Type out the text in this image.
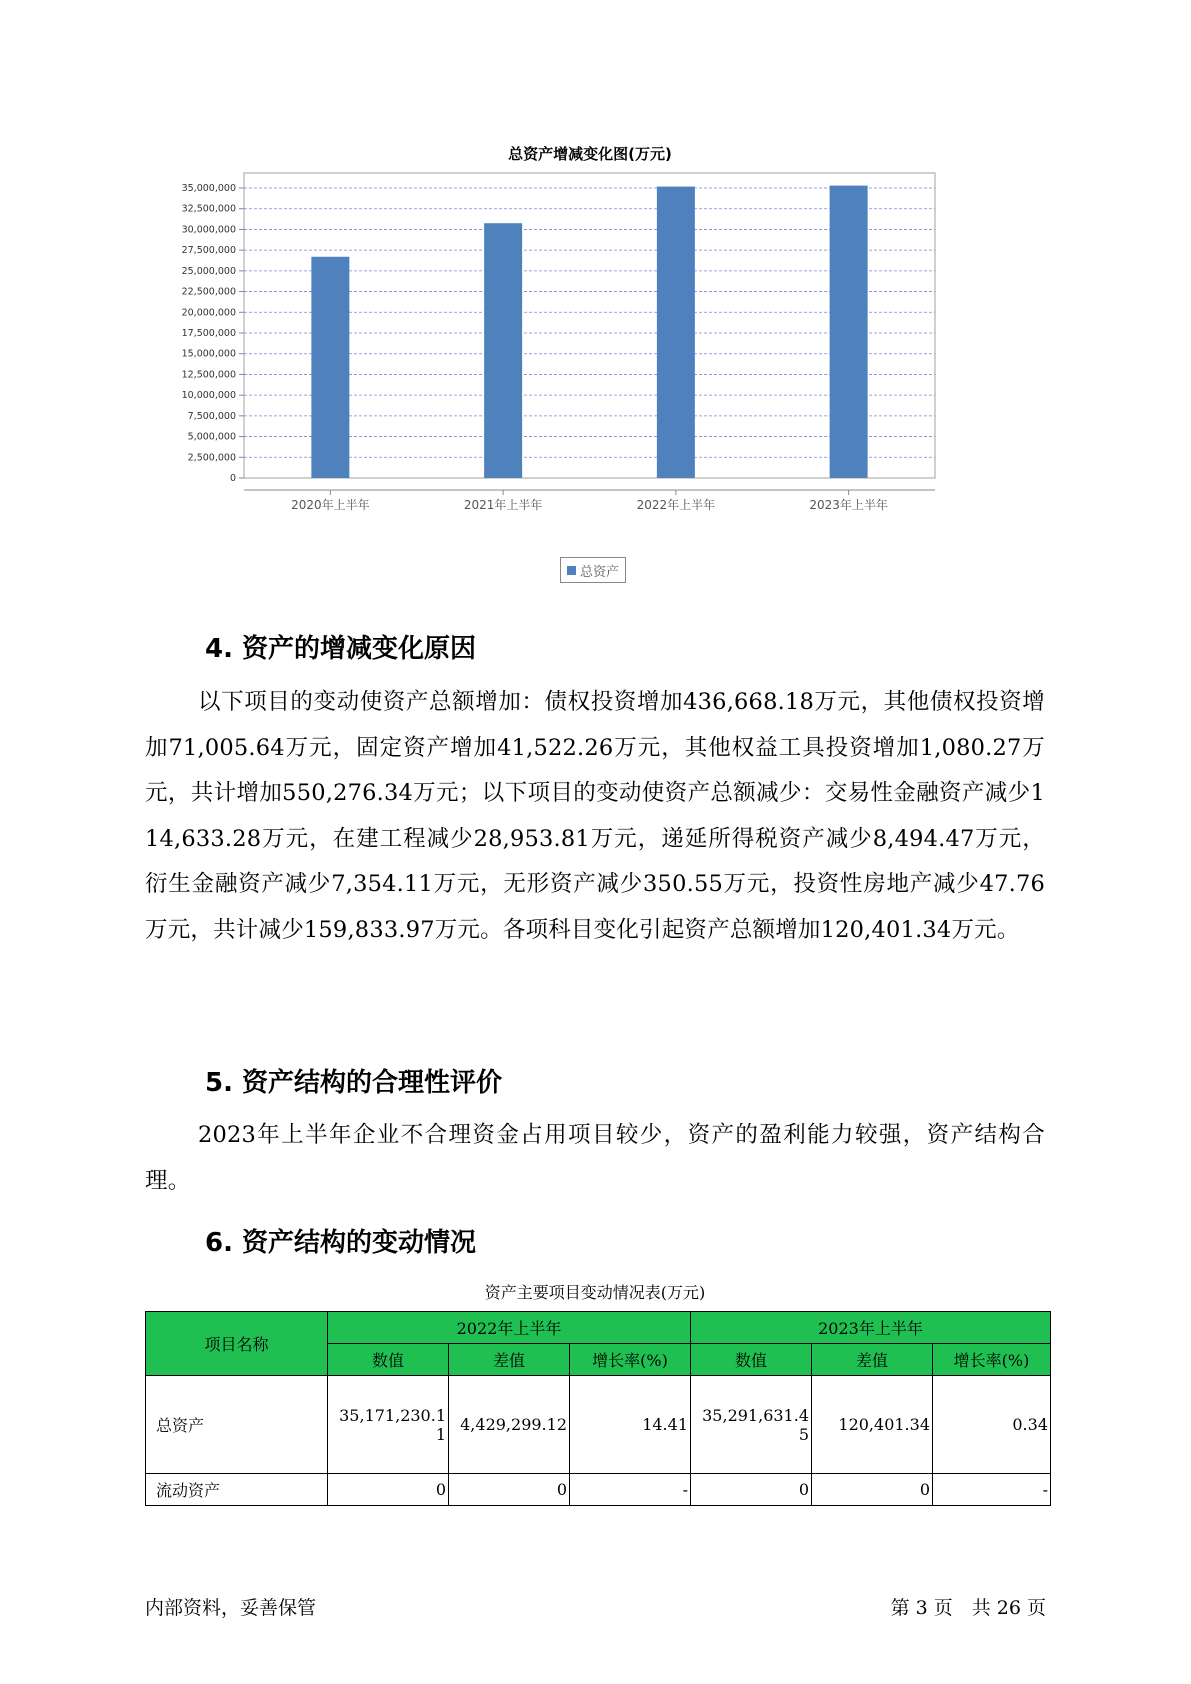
0
2,500,000
5,000,000
7,500,000
10,000,000
12,500,000
15,000,000
17,500,000
20,000,000
22,500,000
25,000,000
27,500,000
30,000,000
32,500,000
35,000,000
2020年上半年	2021年上半年	2022年上半年	2023年上半年
总资产增减变化图(万元)
总资产
4. 资产的增减变化原因

以下项目的变动使资产总额增加：债权投资增加436,668.18万元，其他债权投资增加71,005.64万元，固定资产增加41,522.26万元，其他权益工具投资增加1,080.27万元，共计增加550,276.34万元；以下项目的变动使资产总额减少：交易性金融资产减少114,633.28万元，在建工程减少28,953.81万元，递延所得税资产减少8,494.47万元，衍生金融资产减少7,354.11万元，无形资产减少350.55万元，投资性房地产减少47.76万元，共计减少159,833.97万元。各项科目变化引起资产总额增加120,401.34万元。

5. 资产结构的合理性评价

2023年上半年企业不合理资金占用项目较少，资产的盈利能力较强，资产结构合理。

6. 资产结构的变动情况
资产主要项目变动情况表(万元)
项目名称	2022年上半年			2023年上半年		
	数值	差值	增长率(%)	数值	差值	增长率(%)
总资产	35,171,230.11	4,429,299.12	14.41	35,291,631.45	120,401.34	0.34
流动资产	0	0	-	0	0	-
内部资料，妥善保管	第 3 页　共 26 页
